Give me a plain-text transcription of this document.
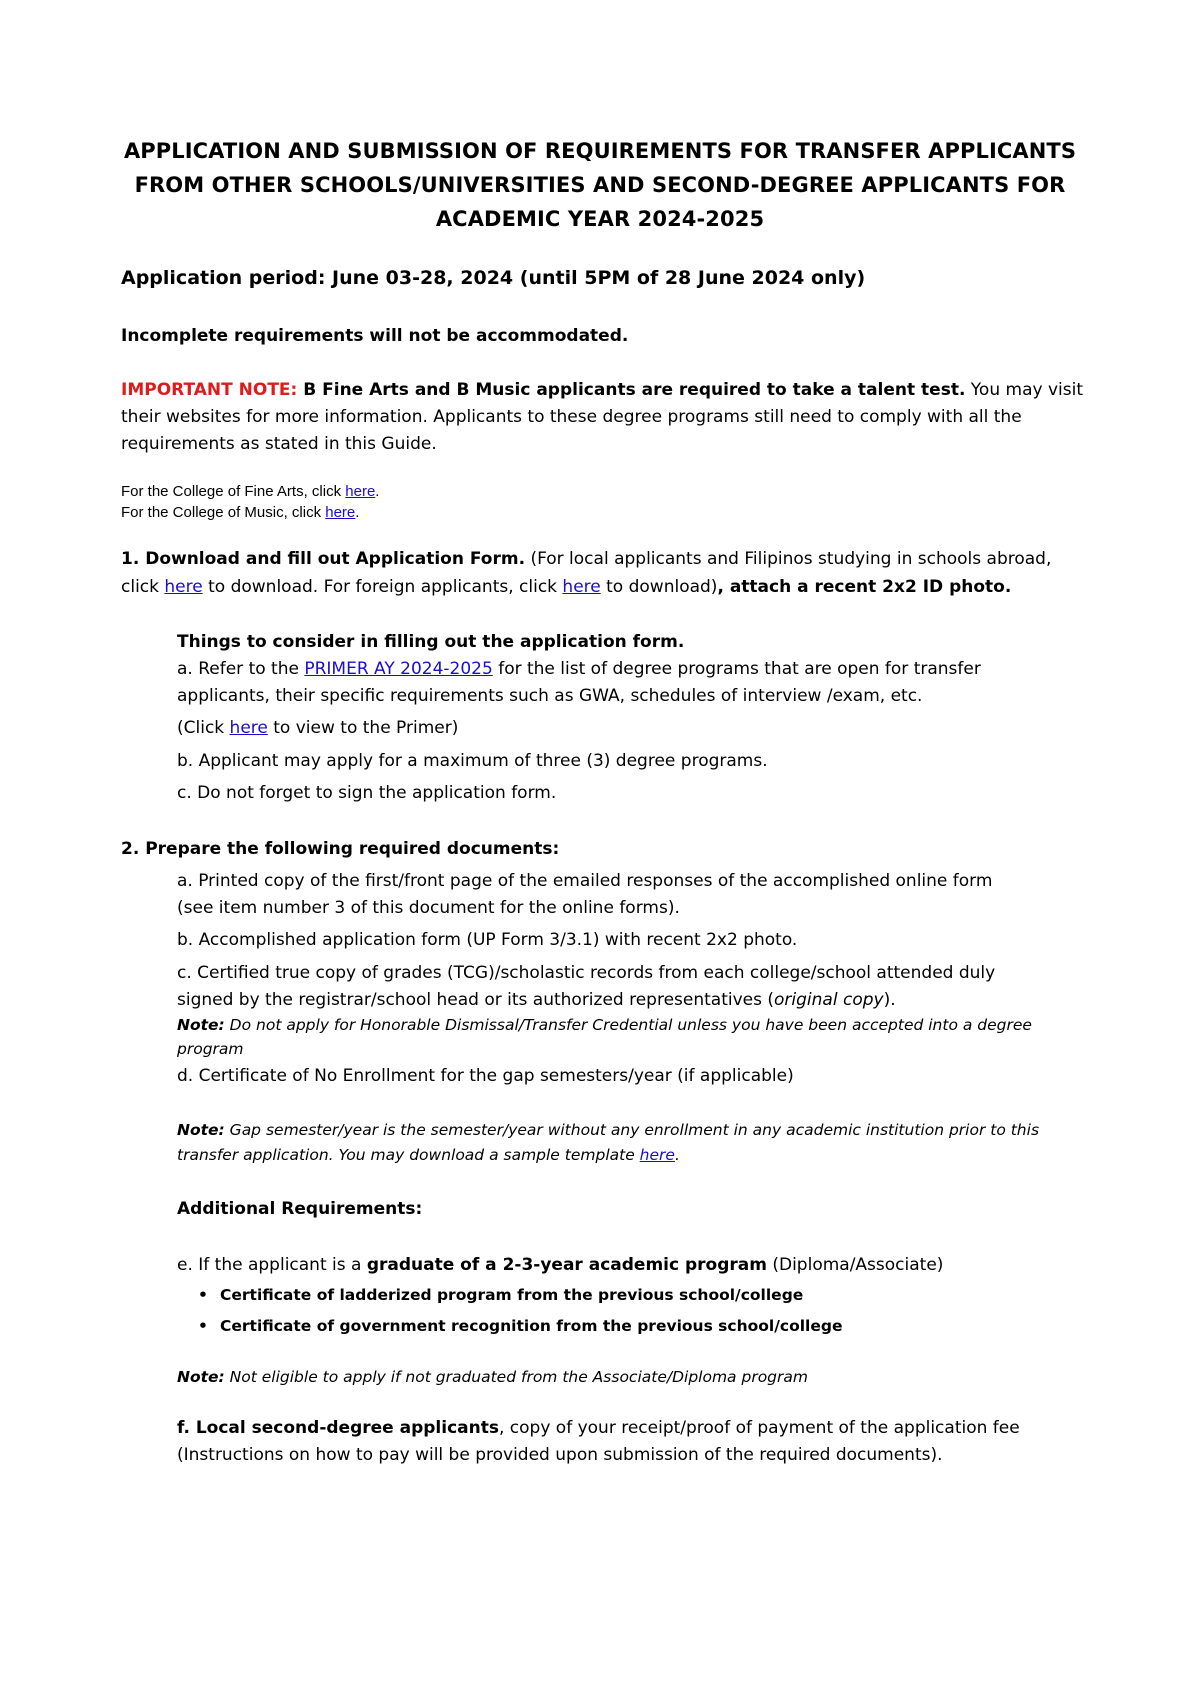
APPLICATION AND SUBMISSION OF REQUIREMENTS FOR TRANSFER APPLICANTS
FROM OTHER SCHOOLS/UNIVERSITIES AND SECOND-DEGREE APPLICANTS FOR
ACADEMIC YEAR 2024-2025
Application period: June 03-28, 2024 (until 5PM of 28 June 2024 only)
Incomplete requirements will not be accommodated.
IMPORTANT NOTE: B Fine Arts and B Music applicants are required to take a talent test. You may visit
their websites for more information. Applicants to these degree programs still need to comply with all the
requirements as stated in this Guide.
For the College of Fine Arts, click here.
For the College of Music, click here.
1. Download and fill out Application Form. (For local applicants and Filipinos studying in schools abroad,
click here to download. For foreign applicants, click here to download), attach a recent 2x2 ID photo.
Things to consider in filling out the application form.
a. Refer to the PRIMER AY 2024-2025 for the list of degree programs that are open for transfer
applicants, their specific requirements such as GWA, schedules of interview /exam, etc.
(Click here to view to the Primer)
b. Applicant may apply for a maximum of three (3) degree programs.
c. Do not forget to sign the application form.
2. Prepare the following required documents:
a. Printed copy of the first/front page of the emailed responses of the accomplished online form
(see item number 3 of this document for the online forms).
b. Accomplished application form (UP Form 3/3.1) with recent 2x2 photo.
c. Certified true copy of grades (TCG)/scholastic records from each college/school attended duly
signed by the registrar/school head or its authorized representatives (original copy).
Note: Do not apply for Honorable Dismissal/Transfer Credential unless you have been accepted into a degree
program
d. Certificate of No Enrollment for the gap semesters/year (if applicable)
Note: Gap semester/year is the semester/year without any enrollment in any academic institution prior to this
transfer application. You may download a sample template here.
Additional Requirements:
e. If the applicant is a graduate of a 2-3-year academic program (Diploma/Associate)
• Certificate of ladderized program from the previous school/college
• Certificate of government recognition from the previous school/college
Note: Not eligible to apply if not graduated from the Associate/Diploma program
f. Local second-degree applicants, copy of your receipt/proof of payment of the application fee
(Instructions on how to pay will be provided upon submission of the required documents).
